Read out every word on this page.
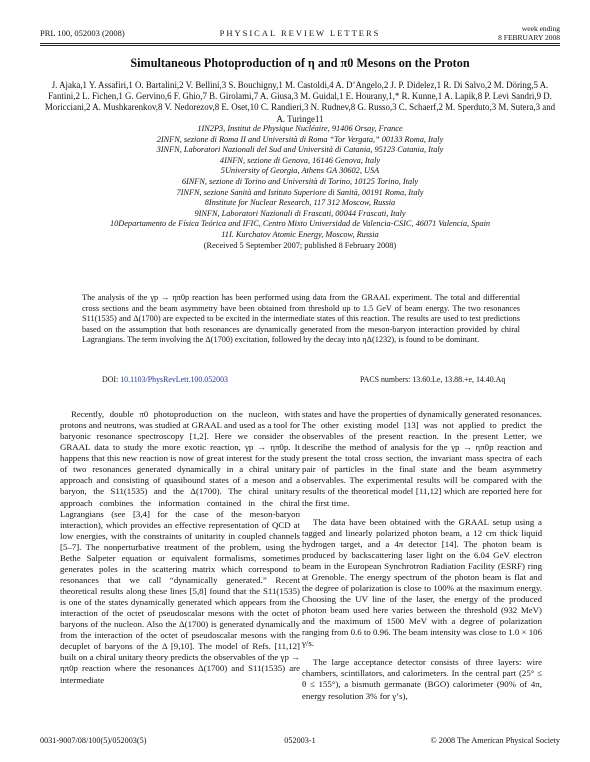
PRL 100, 052003 (2008)	PHYSICAL REVIEW LETTERS	week ending
8 FEBRUARY 2008
Simultaneous Photoproduction of η and π0 Mesons on the Proton
J. Ajaka,1 Y. Assafiri,1 O. Bartalini,2 V. Bellini,3 S. Bouchigny,1 M. Castoldi,4 A. D’Angelo,2 J. P. Didelez,1 R. Di Salvo,2 M. Döring,5 A. Fantini,2 L. Fichen,1 G. Gervino,6 F. Ghio,7 B. Girolami,7 A. Giusa,3 M. Guidal,1 E. Hourany,1,* R. Kunne,1 A. Lapik,8 P. Levi Sandri,9 D. Moricciani,2 A. Mushkarenkov,8 V. Nedorezov,8 E. Oset,10 C. Randieri,3 N. Rudnev,8 G. Russo,3 C. Schaerf,2 M. Sperduto,3 M. Sutera,3 and A. Turinge11
1IN2P3, Institut de Physique Nucléaire, 91406 Orsay, France
2INFN, sezione di Roma II and Università di Roma “Tor Vergata,” 00133 Roma, Italy
3INFN, Laboratori Nazionali del Sud and Università di Catania, 95123 Catania, Italy
4INFN, sezione di Genova, 16146 Genova, Italy
5University of Georgia, Athens GA 30602, USA
6INFN, sezione di Torino and Università di Torino, 10125 Torino, Italy
7INFN, sezione Sanità and Istituto Superiore di Sanità, 00191 Roma, Italy
8Institute for Nuclear Research, 117 312 Moscow, Russia
9INFN, Laboratori Nazionali di Frascati, 00044 Frascati, Italy
10Departamento de Física Teórica and IFIC, Centro Mixto Universidad de Valencia-CSIC, 46071 Valencia, Spain
11I. Kurchatov Atomic Energy, Moscow, Russia
(Received 5 September 2007; published 8 February 2008)
The analysis of the γp → ηπ0p reaction has been performed using data from the GRAAL experiment. The total and differential cross sections and the beam asymmetry have been obtained from threshold up to 1.5 GeV of beam energy. The two resonances S11(1535) and Δ(1700) are expected to be excited in the intermediate states of this reaction. The results are used to test predictions based on the assumption that both resonances are dynamically generated from the meson-baryon interaction provided by chiral Lagrangians. The term involving the Δ(1700) excitation, followed by the decay into ηΔ(1232), is found to be dominant.
DOI: 10.1103/PhysRevLett.100.052003	PACS numbers: 13.60.Le, 13.88.+e, 14.40.Aq

Recently, double π0 photoproduction on the nucleon, with protons and neutrons, was studied at GRAAL and used as a tool for baryonic resonance spectroscopy [1,2]. Here we consider the GRAAL data to study the more exotic reaction, γp → ηπ0p. It happens that this new reaction is now of great interest for the study of two resonances generated dynamically in a chiral unitary approach and consisting of quasibound states of a meson and a baryon, the S11(1535) and the Δ(1700). The chiral unitary approach combines the information contained in the chiral Lagrangians (see [3,4] for the case of the meson-baryon interaction), which provides an effective representation of QCD at low energies, with the constraints of unitarity in coupled channels [5–7]. The nonperturbative treatment of the problem, using the Bethe Salpeter equation or equivalent formalisms, sometimes generates poles in the scattering matrix which correspond to resonances that we call “dynamically generated.” Recent theoretical results along these lines [5,8] found that the S11(1535) is one of the states dynamically generated which appears from the interaction of the octet of pseudoscalar mesons with the octet of baryons of the nucleon. Also the Δ(1700) is generated dynamically from the interaction of the octet of pseudoscalar mesons with the decuplet of baryons of the Δ [9,10]. The model of Refs. [11,12] built on a chiral unitary theory predicts the observables of the γp → ηπ0p reaction where the resonances Δ(1700) and S11(1535) are intermediate

states and have the properties of dynamically generated resonances. The other existing model [13] was not applied to predict the observables of the present reaction. In the present Letter, we describe the method of analysis for the γp → ηπ0p reaction and present the total cross section, the invariant mass spectra of each pair of particles in the final state and the beam asymmetry observables. The experimental results will be compared with the results of the theoretical model [11,12] which are reported here for the first time.

The data have been obtained with the GRAAL setup using a tagged and linearly polarized photon beam, a 12 cm thick liquid hydrogen target, and a 4π detector [14]. The photon beam is produced by backscattering laser light on the 6.04 GeV electron beam in the European Synchrotron Radiation Facility (ESRF) ring at Grenoble. The energy spectrum of the photon beam is flat and the degree of polarization is close to 100% at the maximum energy. Choosing the UV line of the laser, the energy of the produced photon beam used here varies between the threshold (932 MeV) and the maximum of 1500 MeV with a degree of polarization ranging from 0.6 to 0.96. The beam intensity was close to 1.0 × 106 γ/s.

The large acceptance detector consists of three layers: wire chambers, scintillators, and calorimeters. In the central part (25° ≤ θ ≤ 155°), a bismuth germanate (BGO) calorimeter (90% of 4π, energy resolution 3% for γ’s),

0031-9007/08/100(5)/052003(5)	052003-1	© 2008 The American Physical Society
